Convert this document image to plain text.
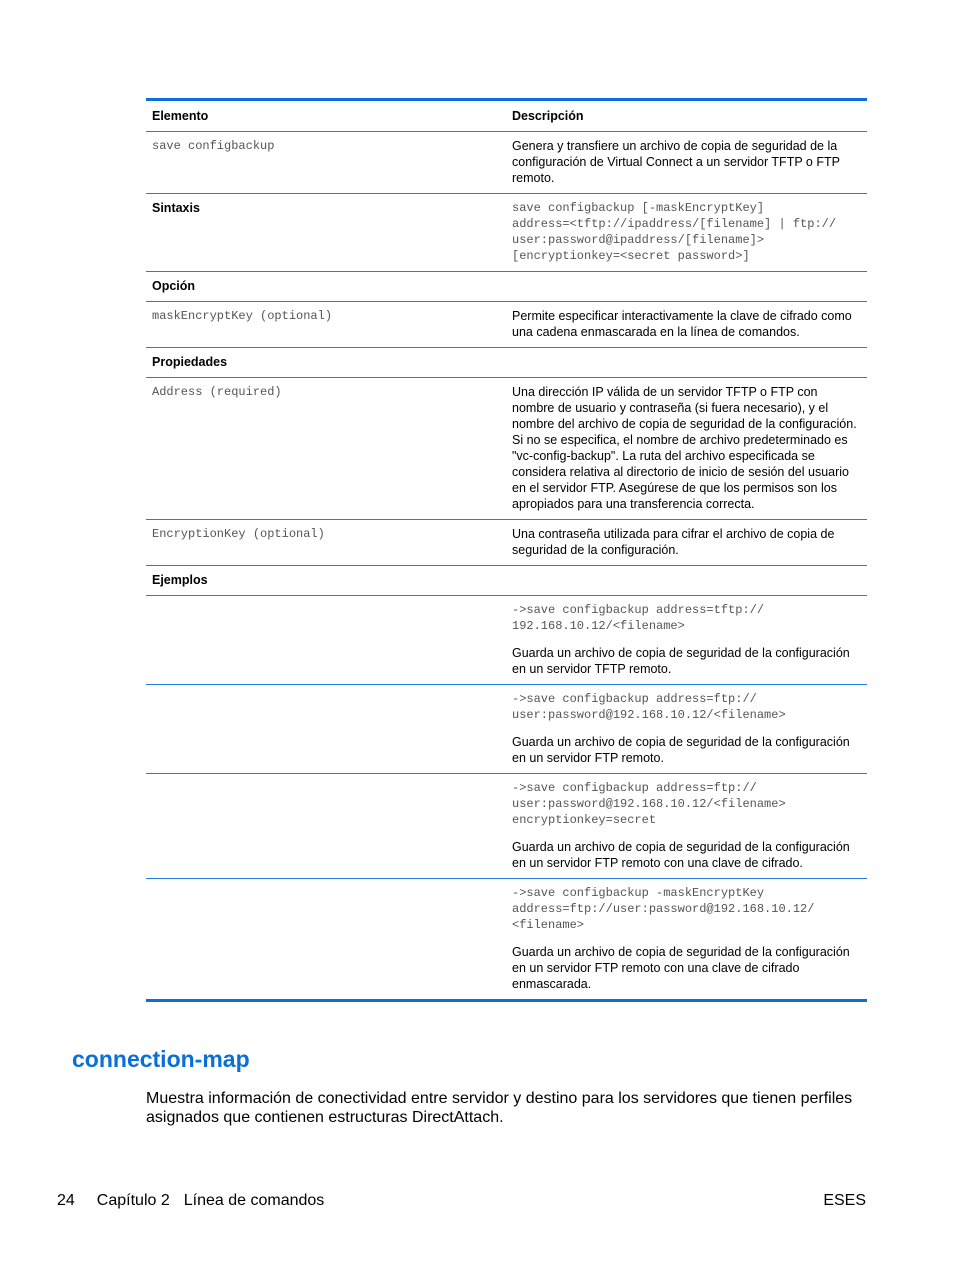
Elemento	Descripción
save configbackup	Genera y transfiere un archivo de copia de seguridad de la configuración de Virtual Connect a un servidor TFTP o FTP remoto.
Sintaxis	save configbackup [-maskEncryptKey]
address=<tftp://ipaddress/[filename] | ftp://
user:password@ipaddress/[filename]>
[encryptionkey=<secret password>]
Opción
maskEncryptKey (optional)	Permite especificar interactivamente la clave de cifrado como una cadena enmascarada en la línea de comandos.
Propiedades
Address (required)	Una dirección IP válida de un servidor TFTP o FTP con nombre de usuario y contraseña (si fuera necesario), y el nombre del archivo de copia de seguridad de la configuración. Si no se especifica, el nombre de archivo predeterminado es "vc-config-backup". La ruta del archivo especificada se considera relativa al directorio de inicio de sesión del usuario en el servidor FTP. Asegúrese de que los permisos son los apropiados para una transferencia correcta.
EncryptionKey (optional)	Una contraseña utilizada para cifrar el archivo de copia de seguridad de la configuración.
Ejemplos
->save configbackup address=tftp://
192.168.10.12/<filename>
Guarda un archivo de copia de seguridad de la configuración en un servidor TFTP remoto.
->save configbackup address=ftp://
user:password@192.168.10.12/<filename>
Guarda un archivo de copia de seguridad de la configuración en un servidor FTP remoto.
->save configbackup address=ftp://
user:password@192.168.10.12/<filename>
encryptionkey=secret
Guarda un archivo de copia de seguridad de la configuración en un servidor FTP remoto con una clave de cifrado.
->save configbackup -maskEncryptKey
address=ftp://user:password@192.168.10.12/
<filename>
Guarda un archivo de copia de seguridad de la configuración en un servidor FTP remoto con una clave de cifrado enmascarada.
connection-map

Muestra información de conectividad entre servidor y destino para los servidores que tienen perfiles asignados que contienen estructuras DirectAttach.

24 Capítulo 2 Línea de comandos	ESES
